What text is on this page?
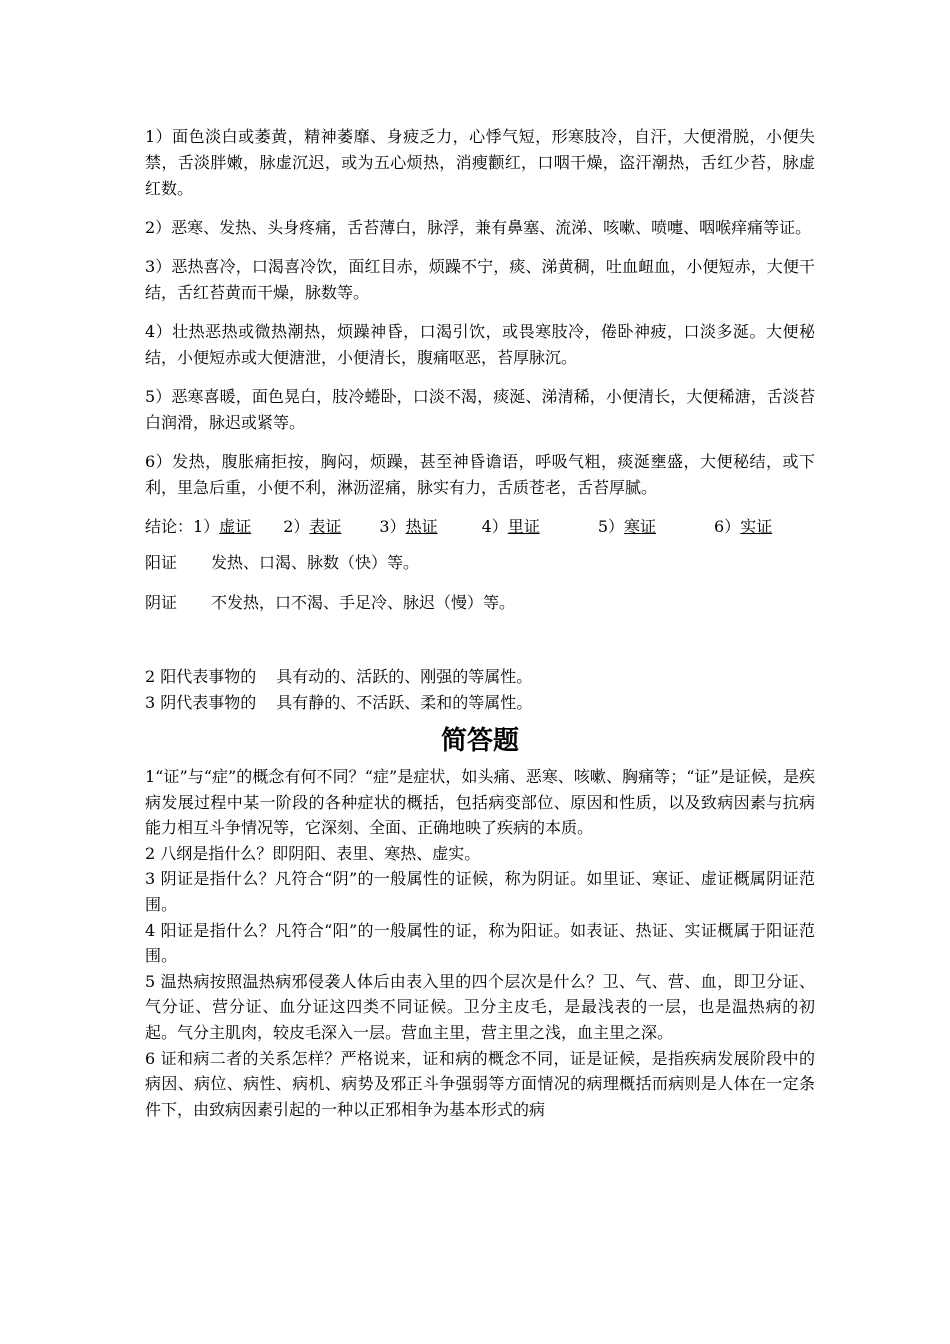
1）面色淡白或萎黄，精神萎靡、身疲乏力，心悸气短，形寒肢冷，自汗，大便滑脱，小便失禁，舌淡胖嫩，脉虚沉迟，或为五心烦热，消瘦颧红，口咽干燥，盗汗潮热，舌红少苔，脉虚红数。

2）恶寒、发热、头身疼痛，舌苔薄白，脉浮，兼有鼻塞、流涕、咳嗽、喷嚏、咽喉痒痛等证。

3）恶热喜冷，口渴喜冷饮，面红目赤，烦躁不宁，痰、涕黄稠，吐血衄血，小便短赤，大便干结，舌红苔黄而干燥，脉数等。

4）壮热恶热或微热潮热，烦躁神昏，口渴引饮，或畏寒肢冷，倦卧神疲，口淡多涎。大便秘结，小便短赤或大便溏泄，小便清长，腹痛呕恶，苔厚脉沉。

5）恶寒喜暖，面色晃白，肢冷蜷卧，口淡不渴，痰涎、涕清稀，小便清长，大便稀溏，舌淡苔白润滑，脉迟或紧等。

6）发热，腹胀痛拒按，胸闷，烦躁，甚至神昏谵语，呼吸气粗，痰涎壅盛，大便秘结，或下利，里急后重，小便不利，淋沥涩痛，脉实有力，舌质苍老，舌苔厚腻。

结论：1）虚证 2）表证 3）热证	4）里证	5）寒证	6）实证
阳证 发热、口渴、脉数（快）等。
阴证 不发热，口不渴、手足冷、脉迟（慢）等。

2 阳代表事物的 具有动的、活跃的、刚强的等属性。

3 阴代表事物的 具有静的、不活跃、柔和的等属性。

简答题

1“证”与“症”的概念有何不同？“症”是症状，如头痛、恶寒、咳嗽、胸痛等；“证”是证候，是疾病发展过程中某一阶段的各种症状的概括，包括病变部位、原因和性质，以及致病因素与抗病能力相互斗争情况等，它深刻、全面、正确地映了疾病的本质。

2 八纲是指什么？即阴阳、表里、寒热、虚实。

3 阴证是指什么？凡符合“阴”的一般属性的证候，称为阴证。如里证、寒证、虚证概属阴证范围。

4 阳证是指什么？凡符合“阳”的一般属性的证，称为阳证。如表证、热证、实证概属于阳证范围。

5 温热病按照温热病邪侵袭人体后由表入里的四个层次是什么？卫、气、营、血，即卫分证、气分证、营分证、血分证这四类不同证候。卫分主皮毛，是最浅表的一层，也是温热病的初起。气分主肌肉，较皮毛深入一层。营血主里，营主里之浅，血主里之深。

6 证和病二者的关系怎样？严格说来，证和病的概念不同，证是证候，是指疾病发展阶段中的病因、病位、病性、病机、病势及邪正斗争强弱等方面情况的病理概括而病则是人体在一定条件下，由致病因素引起的一种以正邪相争为基本形式的病
